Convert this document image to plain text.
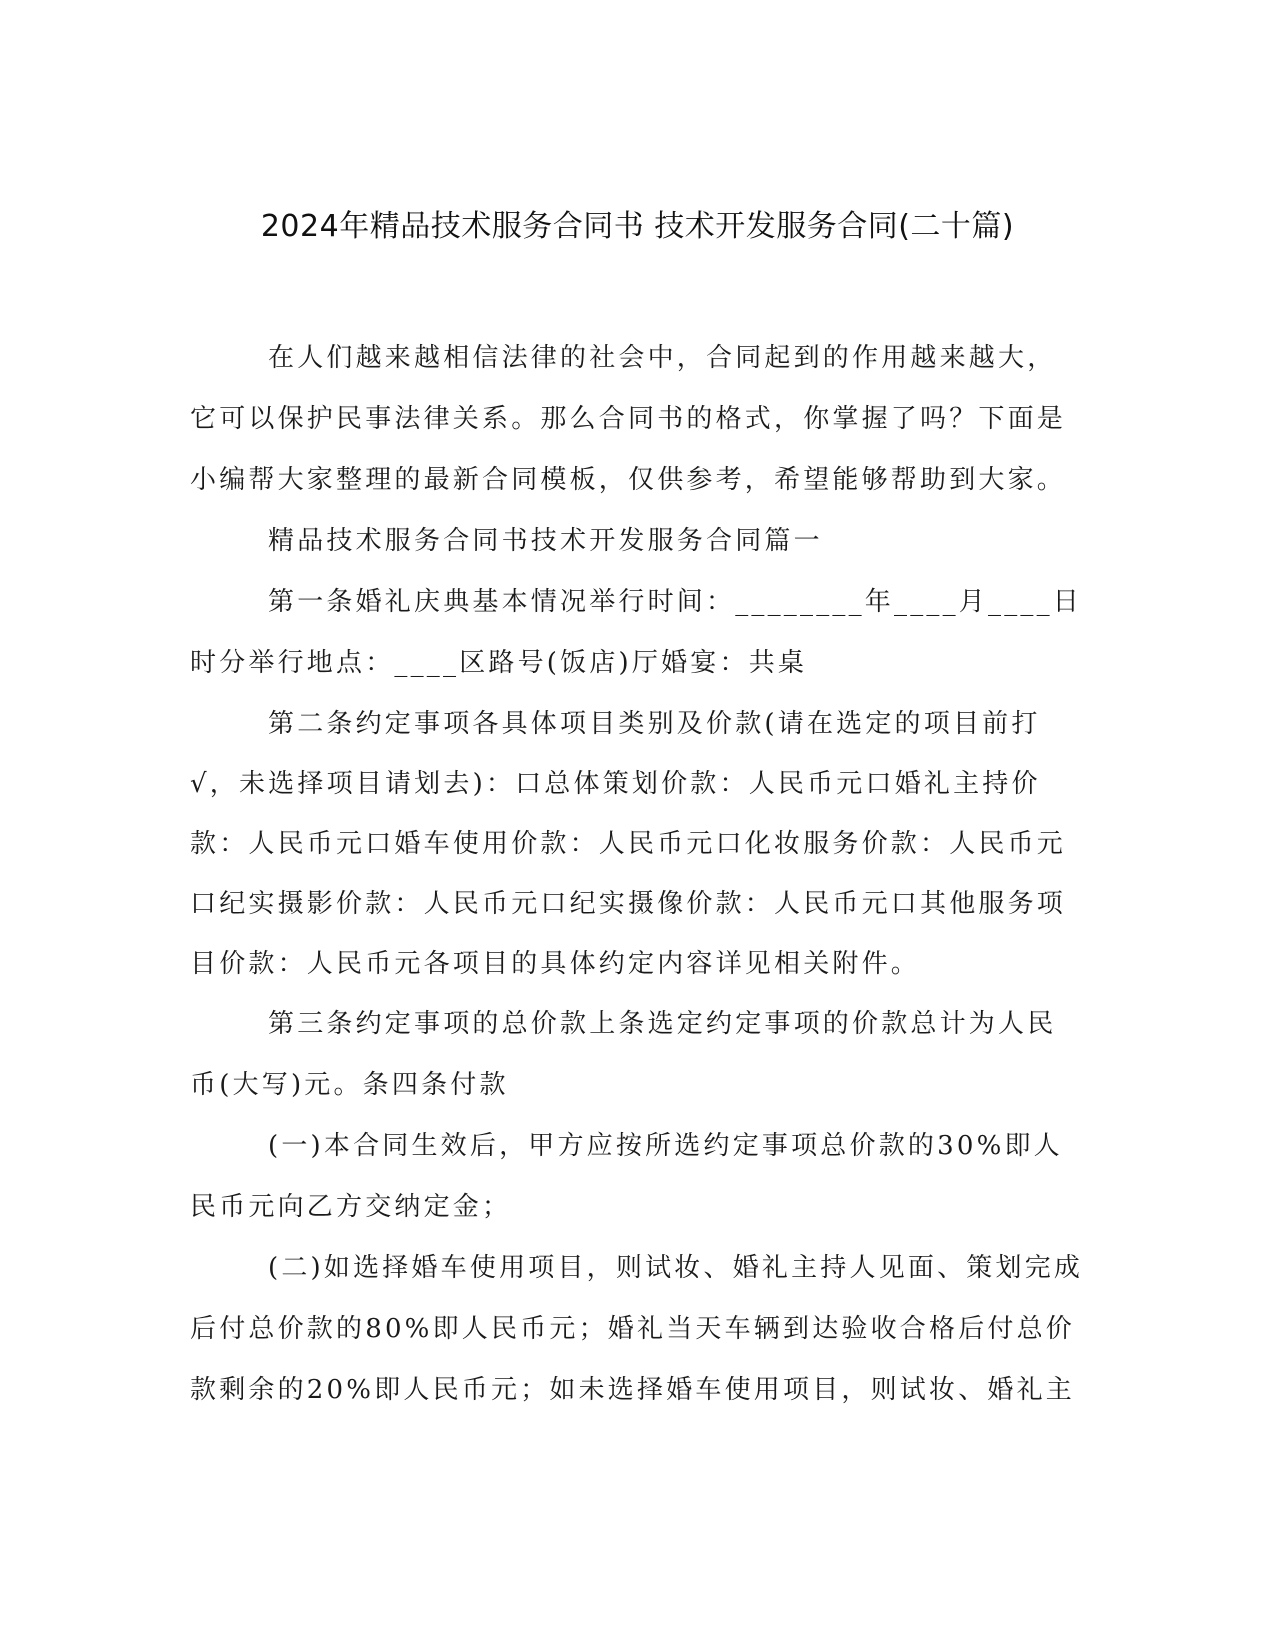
2024年精品技术服务合同书 技术开发服务合同(二十篇)

在人们越来越相信法律的社会中，合同起到的作用越来越大，它可以保护民事法律关系。那么合同书的格式，你掌握了吗？下面是小编帮大家整理的最新合同模板，仅供参考，希望能够帮助到大家。

精品技术服务合同书技术开发服务合同篇一

第一条婚礼庆典基本情况举行时间：________年____月____日时分举行地点：____区路号(饭店)厅婚宴：共桌

第二条约定事项各具体项目类别及价款(请在选定的项目前打√，未选择项目请划去)：口总体策划价款：人民币元口婚礼主持价款：人民币元口婚车使用价款：人民币元口化妆服务价款：人民币元口纪实摄影价款：人民币元口纪实摄像价款：人民币元口其他服务项目价款：人民币元各项目的具体约定内容详见相关附件。

第三条约定事项的总价款上条选定约定事项的价款总计为人民币(大写)元。条四条付款

(一)本合同生效后，甲方应按所选约定事项总价款的30%即人民币元向乙方交纳定金；

(二)如选择婚车使用项目，则试妆、婚礼主持人见面、策划完成后付总价款的80%即人民币元；婚礼当天车辆到达验收合格后付总价款剩余的20%即人民币元；如未选择婚车使用项目，则试妆、婚礼主
